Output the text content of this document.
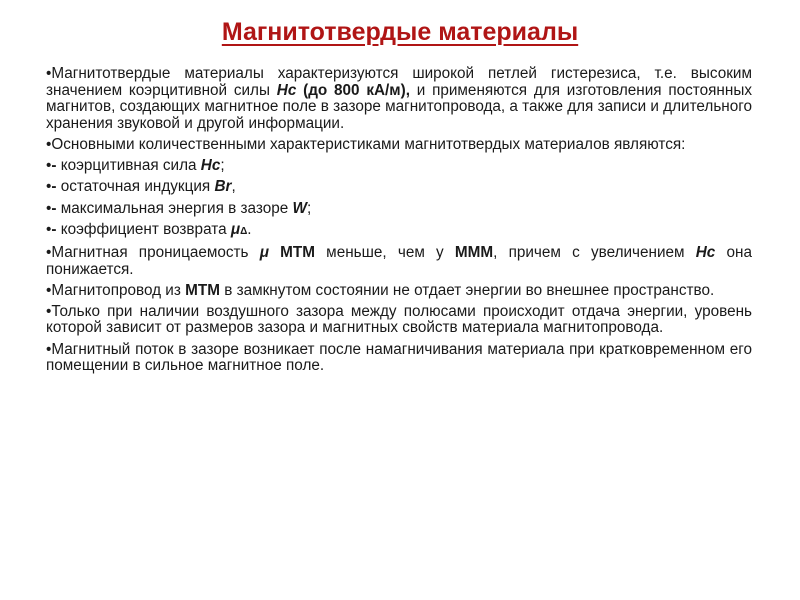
Магнитотвердые материалы

•Магнитотвердые материалы характеризуются широкой петлей гистерезиса, т.е. высоким значением коэрцитивной силы Hc (до 800 кА/м), и применяются для изготовления постоянных магнитов, создающих магнитное поле в зазоре магнитопровода, а также для записи и длительного хранения звуковой и другой информации.

•Основными количественными характеристиками магнитотвердых материалов являются:

•- коэрцитивная сила Hc;

•- остаточная индукция Br,

•- максимальная энергия в зазоре W;

•- коэффициент возврата μΔ.

•Магнитная проницаемость μ МТМ меньше, чем у МММ, причем с увеличением Hc она понижается.

•Магнитопровод из МТМ в замкнутом состоянии не отдает энергии во внешнее пространство.

•Только при наличии воздушного зазора между полюсами происходит отдача энергии, уровень которой зависит от размеров зазора и магнитных свойств материала магнитопровода.

•Магнитный поток в зазоре возникает после намагничивания материала при кратковременном его помещении в сильное магнитное поле.
